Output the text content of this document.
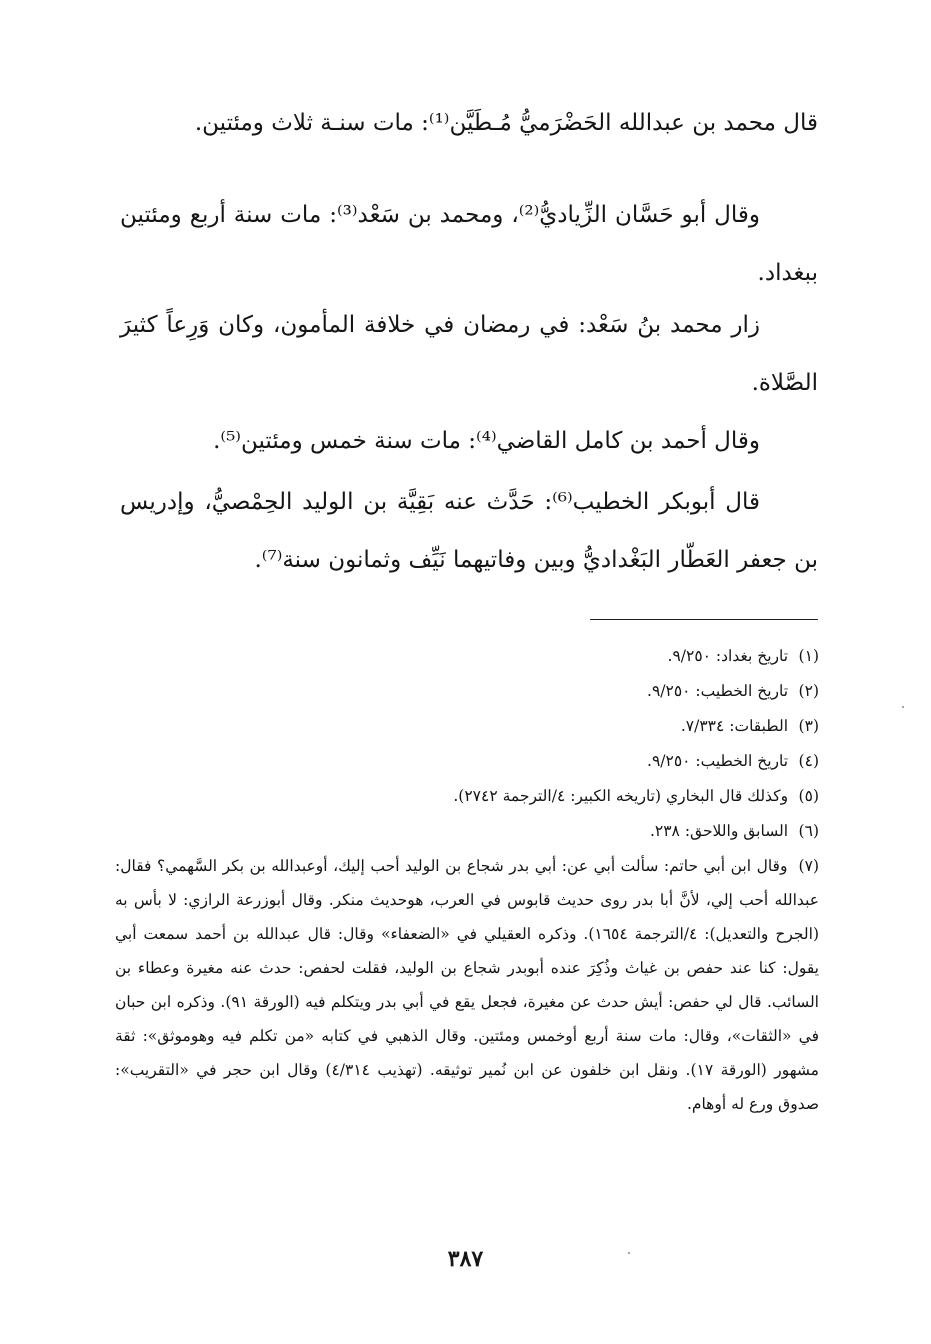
قال محمد بن عبدالله الحَضْرَميُّ مُـطَيَّن⁽¹⁾: مات سنـة ثلاث ومئتين.
وقال أبو حَسَّان الزِّياديُّ⁽²⁾، ومحمد بن سَعْد⁽³⁾: مات سنة أربع ومئتين ببغداد.
زار محمد بنُ سَعْد: في رمضان في خلافة المأمون، وكان وَرِعاً كثيرَ الصَّلاة.
وقال أحمد بن كامل القاضي⁽⁴⁾: مات سنة خمس ومئتين⁽⁵⁾.
قال أبوبكر الخطيب⁽⁶⁾: حَدَّث عنه بَقِيَّة بن الوليد الحِمْصيُّ، وإدريس بن جعفر العَطّار البَغْداديُّ وبين وفاتيهما نَيِّف وثمانون سنة⁽⁷⁾.
(١) تاريخ بغداد: ٩/٢٥٠.
(٢) تاريخ الخطيب: ٩/٢٥٠.
(٣) الطبقات: ٧/٣٣٤.
(٤) تاريخ الخطيب: ٩/٢٥٠.
(٥) وكذلك قال البخاري (تاريخه الكبير: ٤/الترجمة ٢٧٤٢).
(٦) السابق واللاحق: ٢٣٨.
(٧) وقال ابن أبي حاتم: سألت أبي عن: أبي بدر شجاع بن الوليد أحب إليك، أوعبدالله بن بكر السَّهمي؟ فقال: عبدالله أحب إلي، لأنَّ أبا بدر روى حديث قابوس في العرب، هوحديث منكر. وقال أبوزرعة الرازي: لا بأس به (الجرح والتعديل): ٤/الترجمة ١٦٥٤). وذكره العقيلي في «الضعفاء» وقال: قال عبدالله بن أحمد سمعت أبي يقول: كنا عند حفص بن غياث وذُكِرَ عنده أبوبدر شجاع بن الوليد، فقلت لحفص: حدث عنه مغيرة وعطاء بن السائب. قال لي حفص: أيش حدث عن مغيرة، فجعل يقع في أبي بدر ويتكلم فيه (الورقة ٩١). وذكره ابن حبان في «الثقات»، وقال: مات سنة أربع أوخمس ومئتين. وقال الذهبي في كتابه «من تكلم فيه وهوموثق»: ثقة مشهور (الورقة ١٧). ونقل ابن خلفون عن ابن نُمير توثيقه. (تهذيب ٤/٣١٤) وقال ابن حجر في «التقريب»: صدوق ورع له أوهام.
٣٨٧
